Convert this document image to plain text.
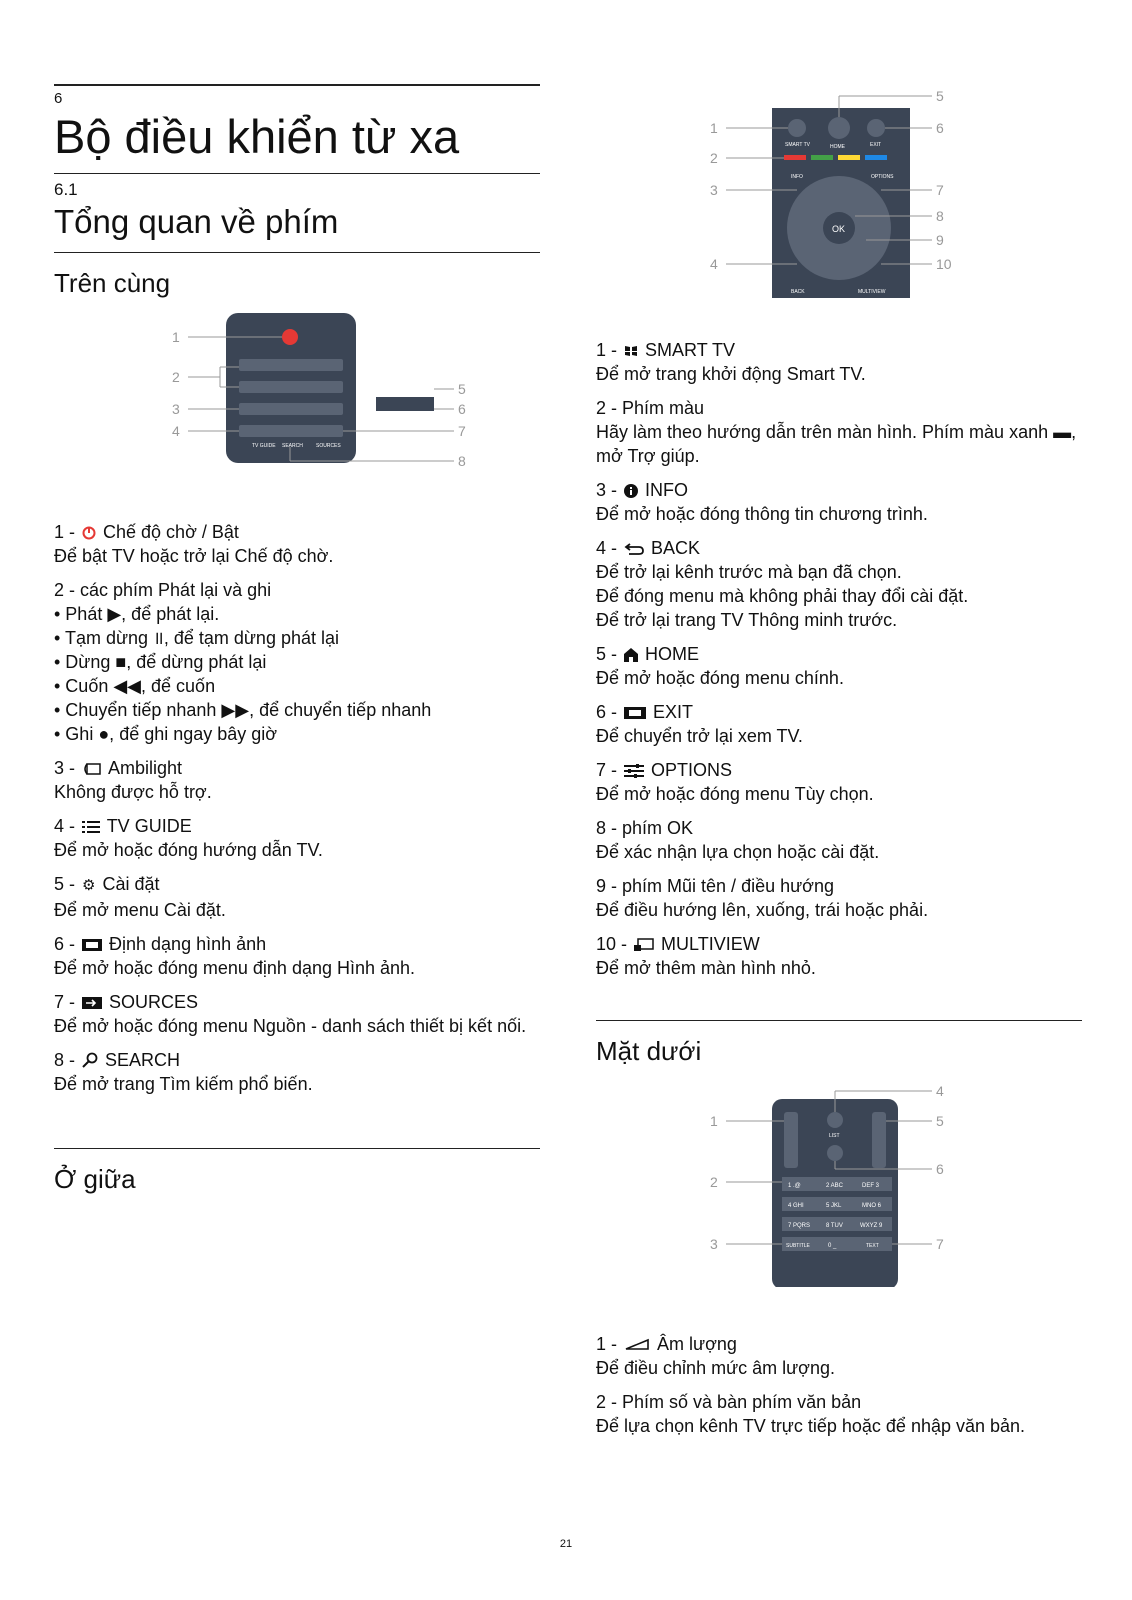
6
Bộ điều khiển từ xa
6.1
Tổng quan về phím
Trên cùng
TV GUIDE SEARCH	SOURCES
1
2
3
4
5
6
7
8
1 -  Chế độ chờ / Bật
Để bật TV hoặc trở lại Chế độ chờ.
2 - các phím Phát lại và ghi
• Phát ▶, để phát lại.
• Tạm dừng ॥, để tạm dừng phát lại
• Dừng ■, để dừng phát lại
• Cuốn ◀◀, để cuốn
• Chuyển tiếp nhanh ▶▶, để chuyển tiếp nhanh
• Ghi ●, để ghi ngay bây giờ
3 -  Ambilight
Không được hỗ trợ.
4 -  TV GUIDE
Để mở hoặc đóng hướng dẫn TV.
5 - ⚙ Cài đặt
Để mở menu Cài đặt.
6 -  Định dạng hình ảnh
Để mở hoặc đóng menu định dạng Hình ảnh.
7 -  SOURCES
Để mở hoặc đóng menu Nguồn - danh sách thiết bị kết nối.
8 -  SEARCH
Để mở trang Tìm kiếm phổ biến.
Ở giữa
OK
SMART TV	HOME	EXIT
INFO	OPTIONS
BACK	MULTIVIEW
1
2
3
4
5
6
7
8
9
10
1 -  SMART TV
Để mở trang khởi động Smart TV.
2 - Phím màu
Hãy làm theo hướng dẫn trên màn hình. Phím màu xanh ▬, mở Trợ giúp.
3 -  INFO
Để mở hoặc đóng thông tin chương trình.
4 -  BACK
Để trở lại kênh trước mà bạn đã chọn.
Để đóng menu mà không phải thay đổi cài đặt.
Để trở lại trang TV Thông minh trước.
5 -  HOME
Để mở hoặc đóng menu chính.
6 -  EXIT
Để chuyển trở lại xem TV.
7 -  OPTIONS
Để mở hoặc đóng menu Tùy chọn.
8 - phím OK
Để xác nhận lựa chọn hoặc cài đặt.
9 - phím Mũi tên / điều hướng
Để điều hướng lên, xuống, trái hoặc phải.
10 -  MULTIVIEW
Để mở thêm màn hình nhỏ.
Mặt dưới
LIST
1 .@	2 ABC	DEF 3
4 GHI	5 JKL	MNO 6
7 PQRS	8 TUV	WXYZ 9
SUBTITLE	0 _	TEXT
1
2
3
4
5
6
7
1 -  Âm lượng
Để điều chỉnh mức âm lượng.
2 - Phím số và bàn phím văn bản
Để lựa chọn kênh TV trực tiếp hoặc để nhập văn bản.
21
